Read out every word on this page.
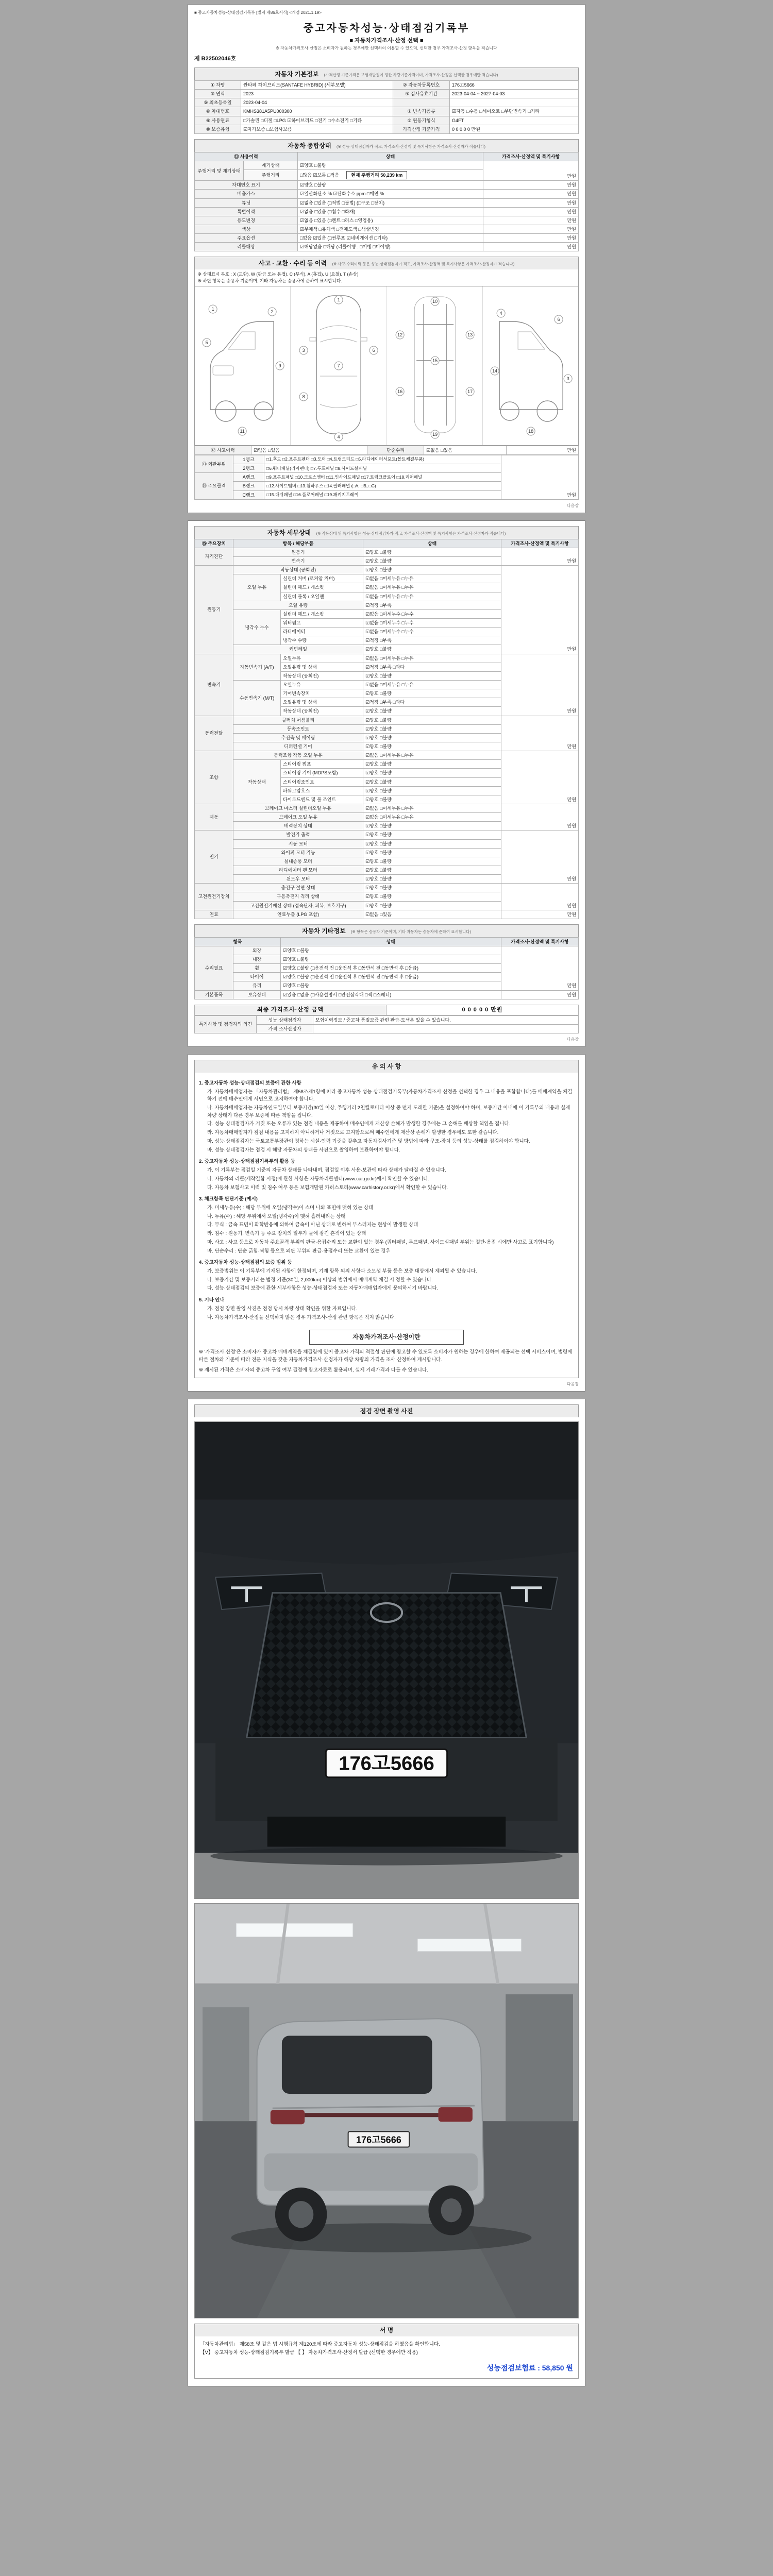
■ 중고자동차성능·상태점검기록부 [별지 제86호서식] <개정 2021.1.19>
중고자동차성능·상태점검기록부
■ 자동차가격조사·산정 선택 ■
※ 자동차가격조사·산정은 소비자가 원하는 경우에만 선택하여 이용할 수 있으며, 선택한 경우 가격조사·산정 항목을 적습니다
제 B22502046호
자동차 기본정보 (가격산정 기준가격은 보험개발원이 정한 차량기준가격이며, 가격조사·산정을 선택한 경우에만 적습니다)
① 차명	싼타페 하이브리드(SANTAFE HYBRID) (세부모델)	② 자동차등록번호	176고5666
③ 연식	2023	④ 검사유효기간	2023-04-04 ~ 2027-04-03
⑤ 최초등록일	2023-04-04		
⑥ 차대번호	KMHS381A5PU000300	⑦ 변속기종류	☑자동 □수동 □세미오토 □무단변속기 □기타
⑧ 사용연료	□가솔린 □디젤 □LPG ☑하이브리드 □전기 □수소전기 □기타	⑨ 원동기형식	G4FT
⑩ 보증유형	☑자가보증 □보험사보증	가격산정 기준가격	0 0 0 0 0 만원
자동차 종합상태 (※ 성능·상태점검자가 적고, 가격조사·산정액 및 특기사항은 가격조사·산정자가 적습니다)
⑪ 사용이력		상태	가격조사·산정액 및 특기사항
주행거리 및 계기상태	계기상태	☑양호 □불량	만원
	주행거리	□많음 ☑보통 □적음 현재 주행거리 50,239 km	
차대번호 표기		☑양호 □불량	만원
배출가스		☑일산화탄소 % ☑탄화수소 ppm □매연 %	만원
튜닝		☑없음 □있음 (□적법 □불법) (□구조 □장치)	만원
특별이력		☑없음 □있음 (□침수 □화재)	만원
용도변경		☑없음 □있음 (□렌트 □리스 □영업용)	만원
색상		☑무채색 □유채색 □전체도색 □색상변경	만원
주요옵션		□없음 ☑있음 (□썬루프 ☑네비게이션 □기타)	만원
리콜대상		☑해당없음 □해당 (리콜이행 : □이행 □미이행)	만원
사고 · 교환 · 수리 등 이력 (※ 사고·수리이력 등은 성능·상태점검자가 적고, 가격조사·산정액 및 특기사항은 가격조사·산정자가 적습니다)
※ 상태표시 부호 : X (교환), W (판금 또는 용접), C (부식), A (흠집), U (요철), T (손상)
※ 하단 항목은 승용차 기준이며, 기타 자동차는 승용차에 준하여 표시합니다.
1	2
5
9
11
1
7
3	6
4
8
10
12	13
15
16	17
19
4
6
18
14
3
⑫ 사고이력	☑없음 □있음	단순수리	☑없음 □있음	만원
⑬ 외판부위	1랭크	□1.후드 □2.프론트펜더 □3.도어 □4.트렁크리드 □5.라디에이터서포트(볼트체결부품)	만원
	2랭크	□6.쿼터패널(리어펜더) □7.루프패널 □8.사이드실패널	
⑭ 주요골격	A랭크	□9.프론트패널 □10.크로스멤버 □11.인사이드패널 □17.트렁크플로어 □18.리어패널	
	B랭크	□12.사이드멤버 □13.휠하우스 □14.필러패널 (□A, □B, □C)	
	C랭크	□15.대쉬패널 □16.플로어패널 □19.패키지트레이	
다음장
자동차 세부상태 (※ 작동상태 및 특기사항은 성능·상태점검자가 적고, 가격조사·산정액 및 특기사항은 가격조사·산정자가 적습니다)
⑮ 주요장치	항목 / 해당부품		상태	가격조사·산정액 및 특기사항
자기진단	원동기		☑양호 □불량	만원
	변속기		☑양호 □불량	
원동기	작동상태 (공회전)		☑양호 □불량	만원
	오일 누유	실린더 커버 (로커암 커버)	☑없음 □미세누유 □누유	
		실린더 헤드 / 개스킷	☑없음 □미세누유 □누유	
		실린더 블록 / 오일팬	☑없음 □미세누유 □누유	
	오일 유량		☑적정 □부족	
	냉각수 누수	실린더 헤드 / 개스킷	☑없음 □미세누수 □누수	
		워터펌프	☑없음 □미세누수 □누수	
		라디에이터	☑없음 □미세누수 □누수	
		냉각수 수량	☑적정 □부족	
	커먼레일		☑양호 □불량	
변속기	자동변속기 (A/T)	오일누유	☑없음 □미세누유 □누유	만원
		오일유량 및 상태	☑적정 □부족 □과다	
		작동상태 (공회전)	☑양호 □불량	
	수동변속기 (M/T)	오일누유	☑없음 □미세누유 □누유	
		기어변속장치	☑양호 □불량	
		오일유량 및 상태	☑적정 □부족 □과다	
		작동상태 (공회전)	☑양호 □불량	
동력전달	클러치 어셈블리		☑양호 □불량	만원
	등속조인트		☑양호 □불량	
	추진축 및 베어링		☑양호 □불량	
	디퍼렌셜 기어		☑양호 □불량	
조향	동력조향 작동 오일 누유		☑없음 □미세누유 □누유	만원
	작동상태	스티어링 펌프	☑양호 □불량	
		스티어링 기어 (MDPS포함)	☑양호 □불량	
		스티어링조인트	☑양호 □불량	
		파워고압호스	☑양호 □불량	
		타이로드엔드 및 볼 조인트	☑양호 □불량	
제동	브레이크 마스터 실린더오일 누유		☑없음 □미세누유 □누유	만원
	브레이크 오일 누유		☑없음 □미세누유 □누유	
	배력장치 상태		☑양호 □불량	
전기	발전기 출력		☑양호 □불량	만원
	시동 모터		☑양호 □불량	
	와이퍼 모터 기능		☑양호 □불량	
	실내송풍 모터		☑양호 □불량	
	라디에이터 팬 모터		☑양호 □불량	
	윈도우 모터		☑양호 □불량	
고전원전기장치	충전구 절연 상태		☑양호 □불량	만원
	구동축전지 격리 상태		☑양호 □불량	
	고전원전기배선 상태 (접속단자, 피복, 보호기구)		☑양호 □불량	
연료	연료누출 (LPG 포함)		☑없음 □있음	만원
자동차 기타정보 (※ 항목은 승용차 기준이며, 기타 자동차는 승용차에 준하여 표시합니다)
항목		상태	가격조사·산정액 및 특기사항
수리필요	외장	☑양호 □불량	만원
	내장	☑양호 □불량	
	휠	☑양호 □불량 (□운전석 전 □운전석 후 □동반석 전 □동반석 후 □응급)	
	타이어	☑양호 □불량 (□운전석 전 □운전석 후 □동반석 전 □동반석 후 □응급)	
	유리	☑양호 □불량	
기본품목	보유상태	☑있음 □없음 (□사용설명서 □안전삼각대 □잭 □스패너)	만원
최종 가격조사·산정 금액	0 0 0 0 0 만원
특기사항 및 점검자의 의견	성능·상태점검자	보험이력정보 / 중고차 품질보증 관련 판금·도색은 있을 수 있습니다.
	가격·조사산정자	
다음장
유 의 사 항
1. 중고자동차 성능·상태점검의 보증에 관한 사항
가. 자동차매매업자는 「자동차관리법」 제58조제1항에 따라 중고자동차 성능·상태점검기록부(자동차가격조사·산정을 선택한 경우 그 내용을 포함합니다)를 매매계약을 체결하기 전에 매수인에게 서면으로 고지하여야 합니다.
나. 자동차매매업자는 자동차인도일부터 보증기간(30일 이상, 주행거리 2천킬로미터 이상 중 먼저 도래한 기준)을 설정하여야 하며, 보증기간 이내에 이 기록부의 내용과 실제 차량 상태가 다른 경우 보증에 따른 책임을 집니다.
다. 성능·상태점검자가 거짓 또는 오류가 있는 점검 내용을 제공하여 매수인에게 재산상 손해가 발생한 경우에는 그 손해를 배상할 책임을 집니다.
라. 자동차매매업자가 점검 내용을 고지하지 아니하거나 거짓으로 고지함으로써 매수인에게 재산상 손해가 발생한 경우에도 또한 같습니다.
마. 성능·상태점검자는 국토교통부장관이 정하는 시설·인력 기준을 갖추고 자동차검사기준 및 방법에 따라 구조·장치 등의 성능·상태를 점검하여야 합니다.
바. 성능·상태점검자는 점검 시 해당 자동차의 상태를 사진으로 촬영하여 보관하여야 합니다.
2. 중고자동차 성능·상태점검기록부의 활용 등
가. 이 기록부는 점검일 기준의 자동차 상태를 나타내며, 점검일 이후 사용·보관에 따라 상태가 달라질 수 있습니다.
나. 자동차의 리콜(제작결함 시정)에 관한 사항은 자동차리콜센터(www.car.go.kr)에서 확인할 수 있습니다.
다. 자동차 보험사고 이력 및 침수 여부 등은 보험개발원 카히스토리(www.carhistory.or.kr)에서 확인할 수 있습니다.
3. 체크항목 판단기준 (예시)
가. 미세누유(수) : 해당 부위에 오일(냉각수)이 스며 나와 표면에 맺혀 있는 상태
나. 누유(수) : 해당 부위에서 오일(냉각수)이 맺혀 흘러내리는 상태
다. 부식 : 금속 표면이 화학반응에 의하여 금속이 아닌 상태로 변하여 부스러지는 현상이 발생한 상태
라. 침수 : 원동기, 변속기 등 주요 장치의 일부가 물에 잠긴 흔적이 있는 상태
마. 사고 : 사고 등으로 자동차 주요골격 부위의 판금·용접수리 또는 교환이 있는 경우 (쿼터패널, 루프패널, 사이드실패널 부위는 절단·용접 시에만 사고로 표기합니다)
바. 단순수리 : 단순 긁힘·찍힘 등으로 외판 부위의 판금·용접수리 또는 교환이 있는 경우
4. 중고자동차 성능·상태점검의 보증 범위 등
가. 보증범위는 이 기록부에 기재된 사항에 한정되며, 기재 항목 외의 사항과 소모성 부품 등은 보증 대상에서 제외될 수 있습니다.
나. 보증기간 및 보증거리는 법정 기준(30일, 2,000km) 이상의 범위에서 매매계약 체결 시 정할 수 있습니다.
다. 성능·상태점검의 보증에 관한 세부사항은 성능·상태점검자 또는 자동차매매업자에게 문의하시기 바랍니다.
5. 기타 안내
가. 점검 장면 촬영 사진은 점검 당시 차량 상태 확인을 위한 자료입니다.
나. 자동차가격조사·산정을 선택하지 않은 경우 가격조사·산정 관련 항목은 적지 않습니다.
자동차가격조사·산정이란
※ '가격조사·산정'은 소비자가 중고차 매매계약을 체결함에 있어 중고차 가격의 적절성 판단에 참고할 수 있도록 소비자가 원하는 경우에 한하여 제공되는 선택 서비스이며, 법령에 따른 절차와 기준에 따라 전문 지식을 갖춘 자동차가격조사·산정자가 해당 차량의 가격을 조사·산정하여 제시합니다.
※ 제시된 가격은 소비자의 중고차 구입 여부 결정에 참고자료로 활용되며, 실제 거래가격과 다를 수 있습니다.
다음장
점검 장면 촬영 사진
176고5666
176고5666
서 명
「자동차관리법」 제58조 및 같은 법 시행규칙 제120조에 따라 중고자동차 성능·상태점검을 하였음을 확인합니다.
【V】 중고자동차 성능·상태점검기록부 발급 【 】 자동차가격조사·산정서 발급 (선택한 경우에만 적용)
성능점검보험료 : 58,850 원
